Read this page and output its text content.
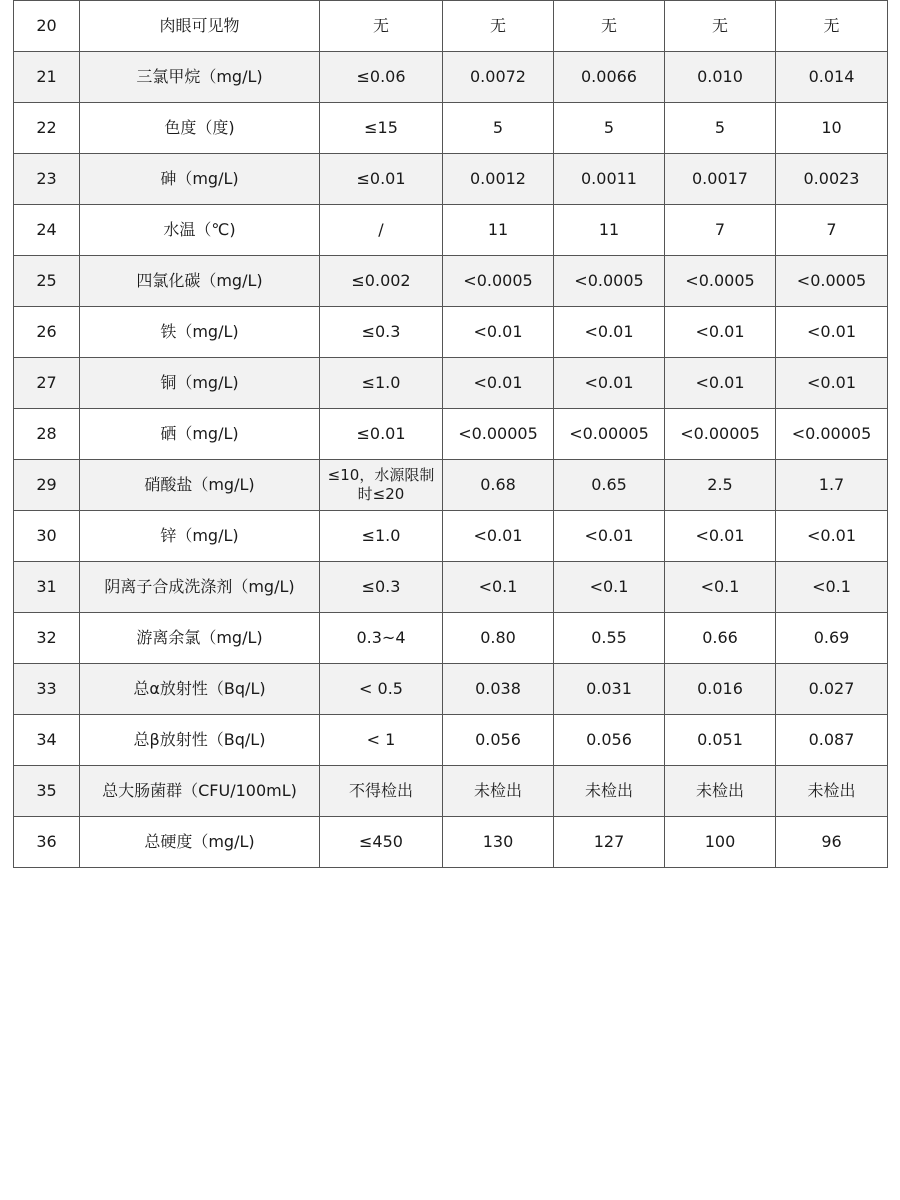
20	肉眼可见物	无	无	无	无	无
21	三氯甲烷（mg/L)	≤0.06	0.0072	0.0066	0.010	0.014
22	色度（度)	≤15	5	5	5	10
23	砷（mg/L)	≤0.01	0.0012	0.0011	0.0017	0.0023
24	水温（℃)	/	11	11	7	7
25	四氯化碳（mg/L)	≤0.002	<0.0005	<0.0005	<0.0005	<0.0005
26	铁（mg/L)	≤0.3	<0.01	<0.01	<0.01	<0.01
27	铜（mg/L)	≤1.0	<0.01	<0.01	<0.01	<0.01
28	硒（mg/L)	≤0.01	<0.00005	<0.00005	<0.00005	<0.00005
29	硝酸盐（mg/L)	≤10，水源限制时≤20	0.68	0.65	2.5	1.7
30	锌（mg/L)	≤1.0	<0.01	<0.01	<0.01	<0.01
31	阴离子合成洗涤剂（mg/L)	≤0.3	<0.1	<0.1	<0.1	<0.1
32	游离余氯（mg/L)	0.3~4	0.80	0.55	0.66	0.69
33	总α放射性（Bq/L)	< 0.5	0.038	0.031	0.016	0.027
34	总β放射性（Bq/L)	< 1	0.056	0.056	0.051	0.087
35	总大肠菌群（CFU/100mL)	不得检出	未检出	未检出	未检出	未检出
36	总硬度（mg/L)	≤450	130	127	100	96
